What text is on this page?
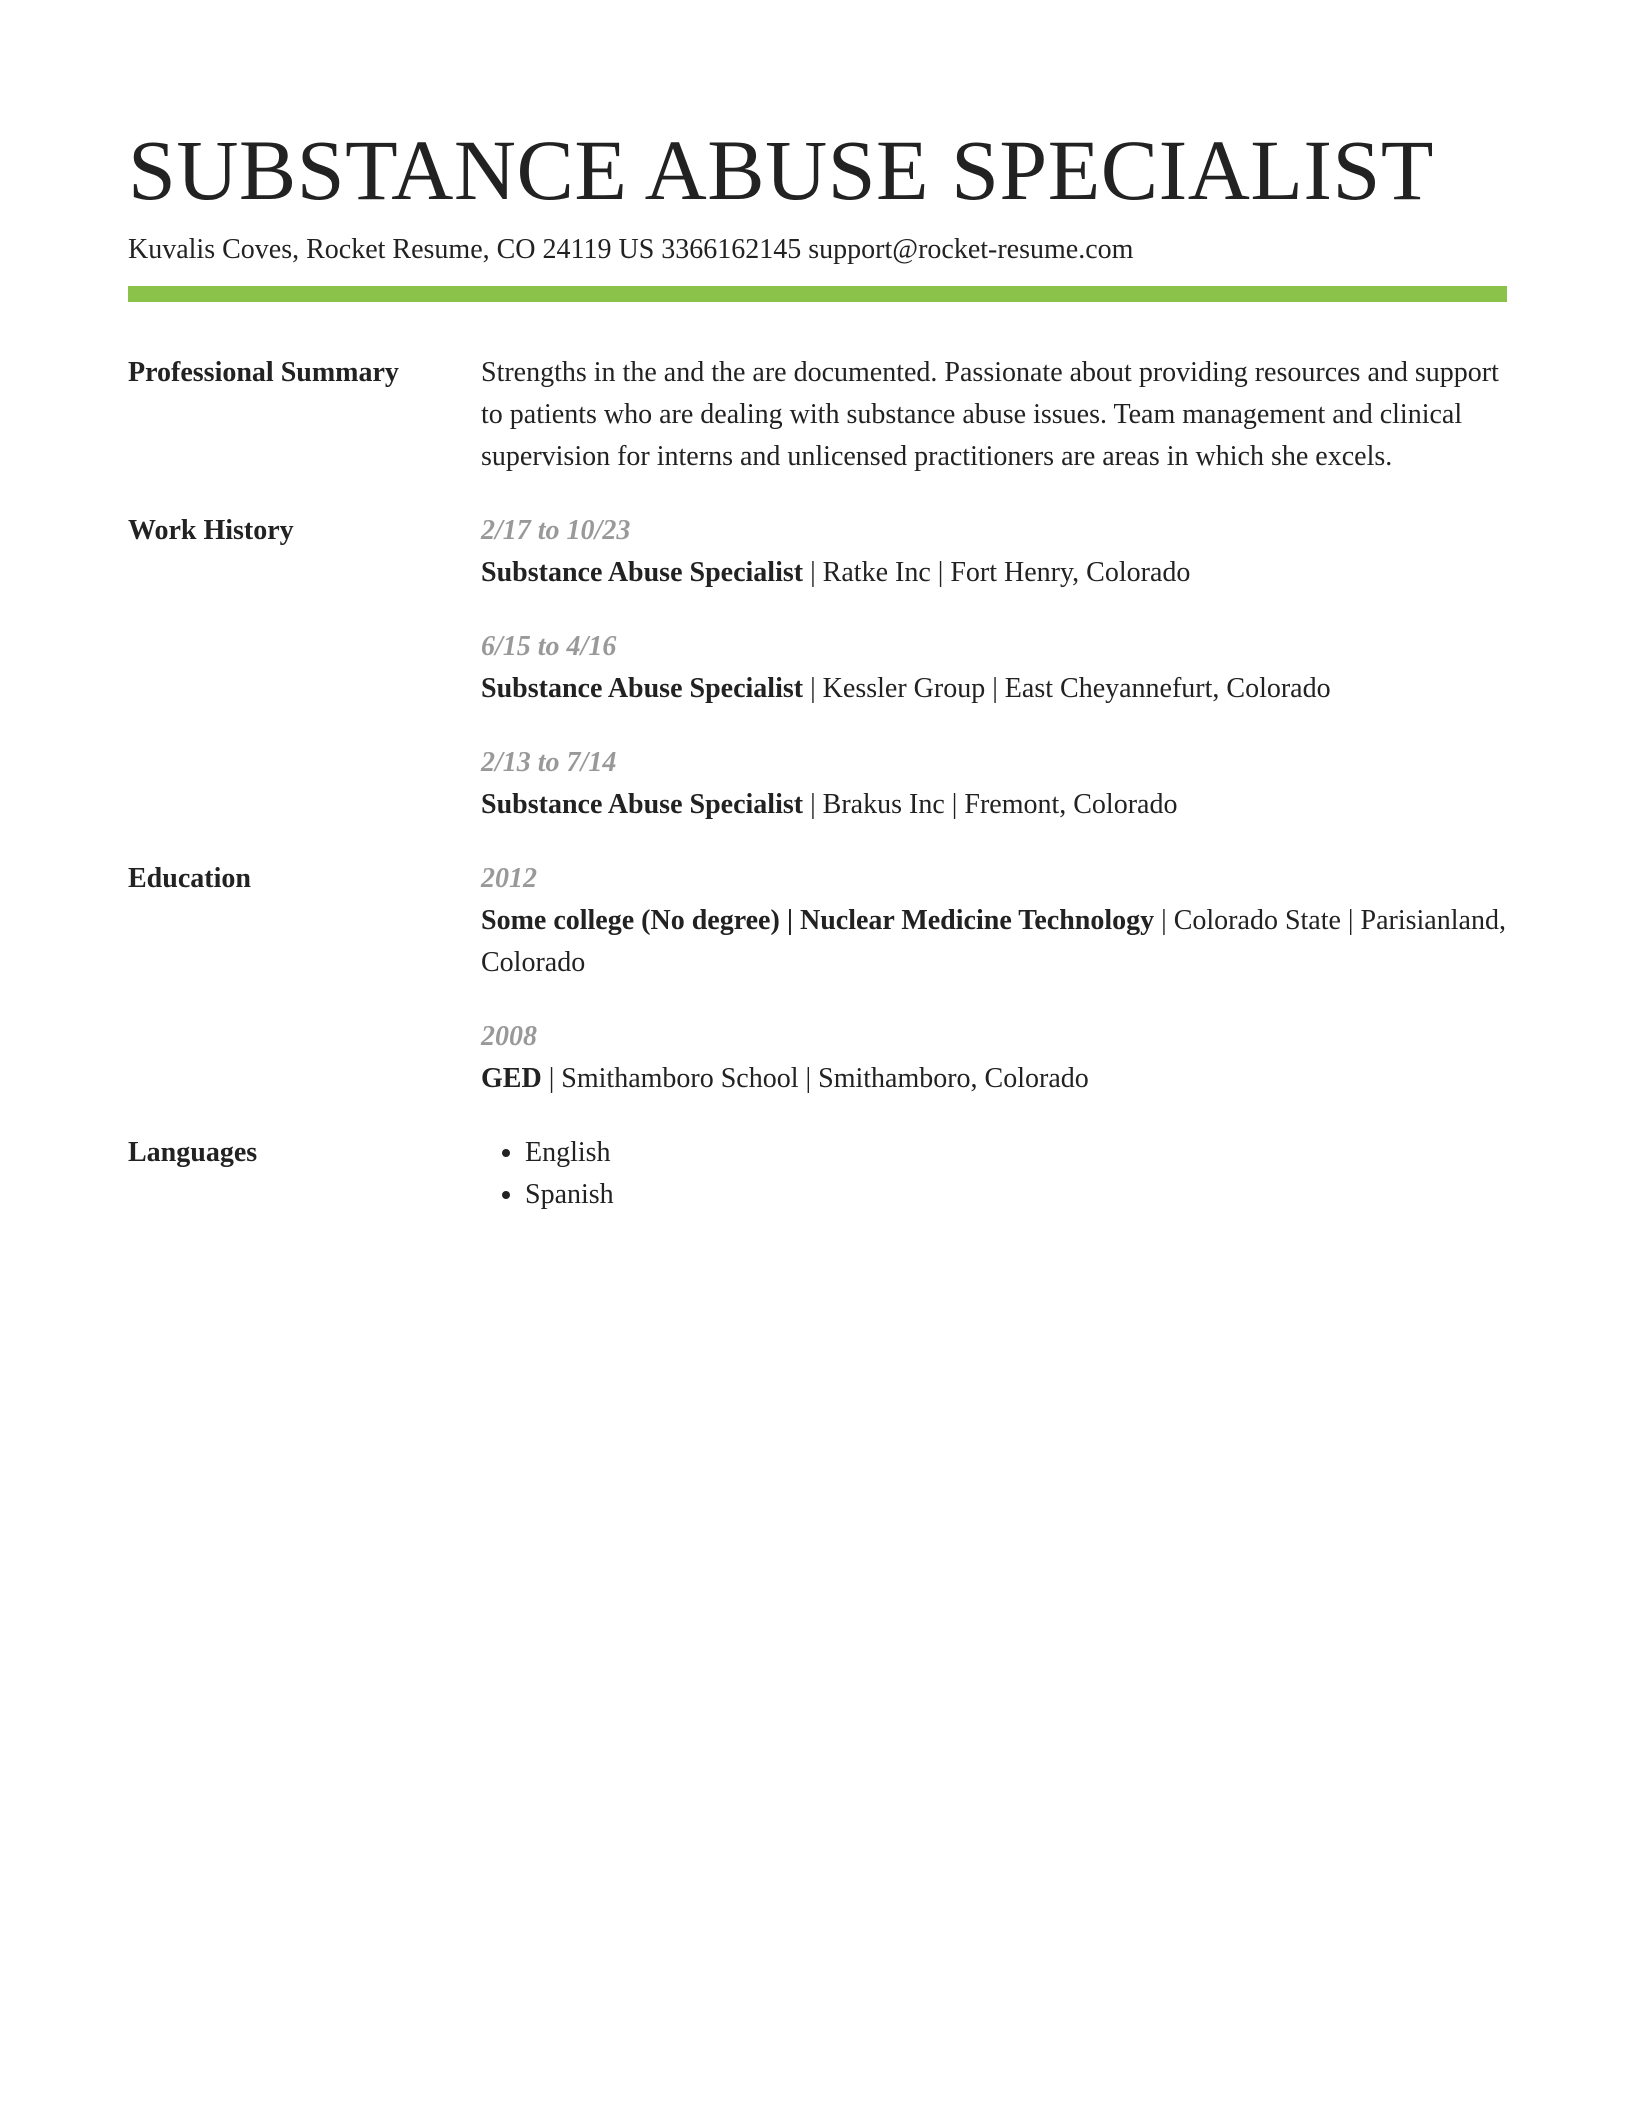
SUBSTANCE ABUSE SPECIALIST
Kuvalis Coves, Rocket Resume, CO 24119 US 3366162145 support@rocket-resume.com
Professional Summary	Strengths in the and the are documented. Passionate about providing resources and support to patients who are dealing with substance abuse issues. Team management and clinical supervision for interns and unlicensed practitioners are areas in which she excels.

Work History	2/17 to 10/23
Substance Abuse Specialist | Ratke Inc | Fort Henry, Colorado
6/15 to 4/16
Substance Abuse Specialist | Kessler Group | East Cheyannefurt, Colorado
2/13 to 7/14
Substance Abuse Specialist | Brakus Inc | Fremont, Colorado
Education	2012
Some college (No degree) | Nuclear Medicine Technology | Colorado State | Parisianland, Colorado
2008
GED | Smithamboro School | Smithamboro, Colorado
Languages
•	English
• Spanish
